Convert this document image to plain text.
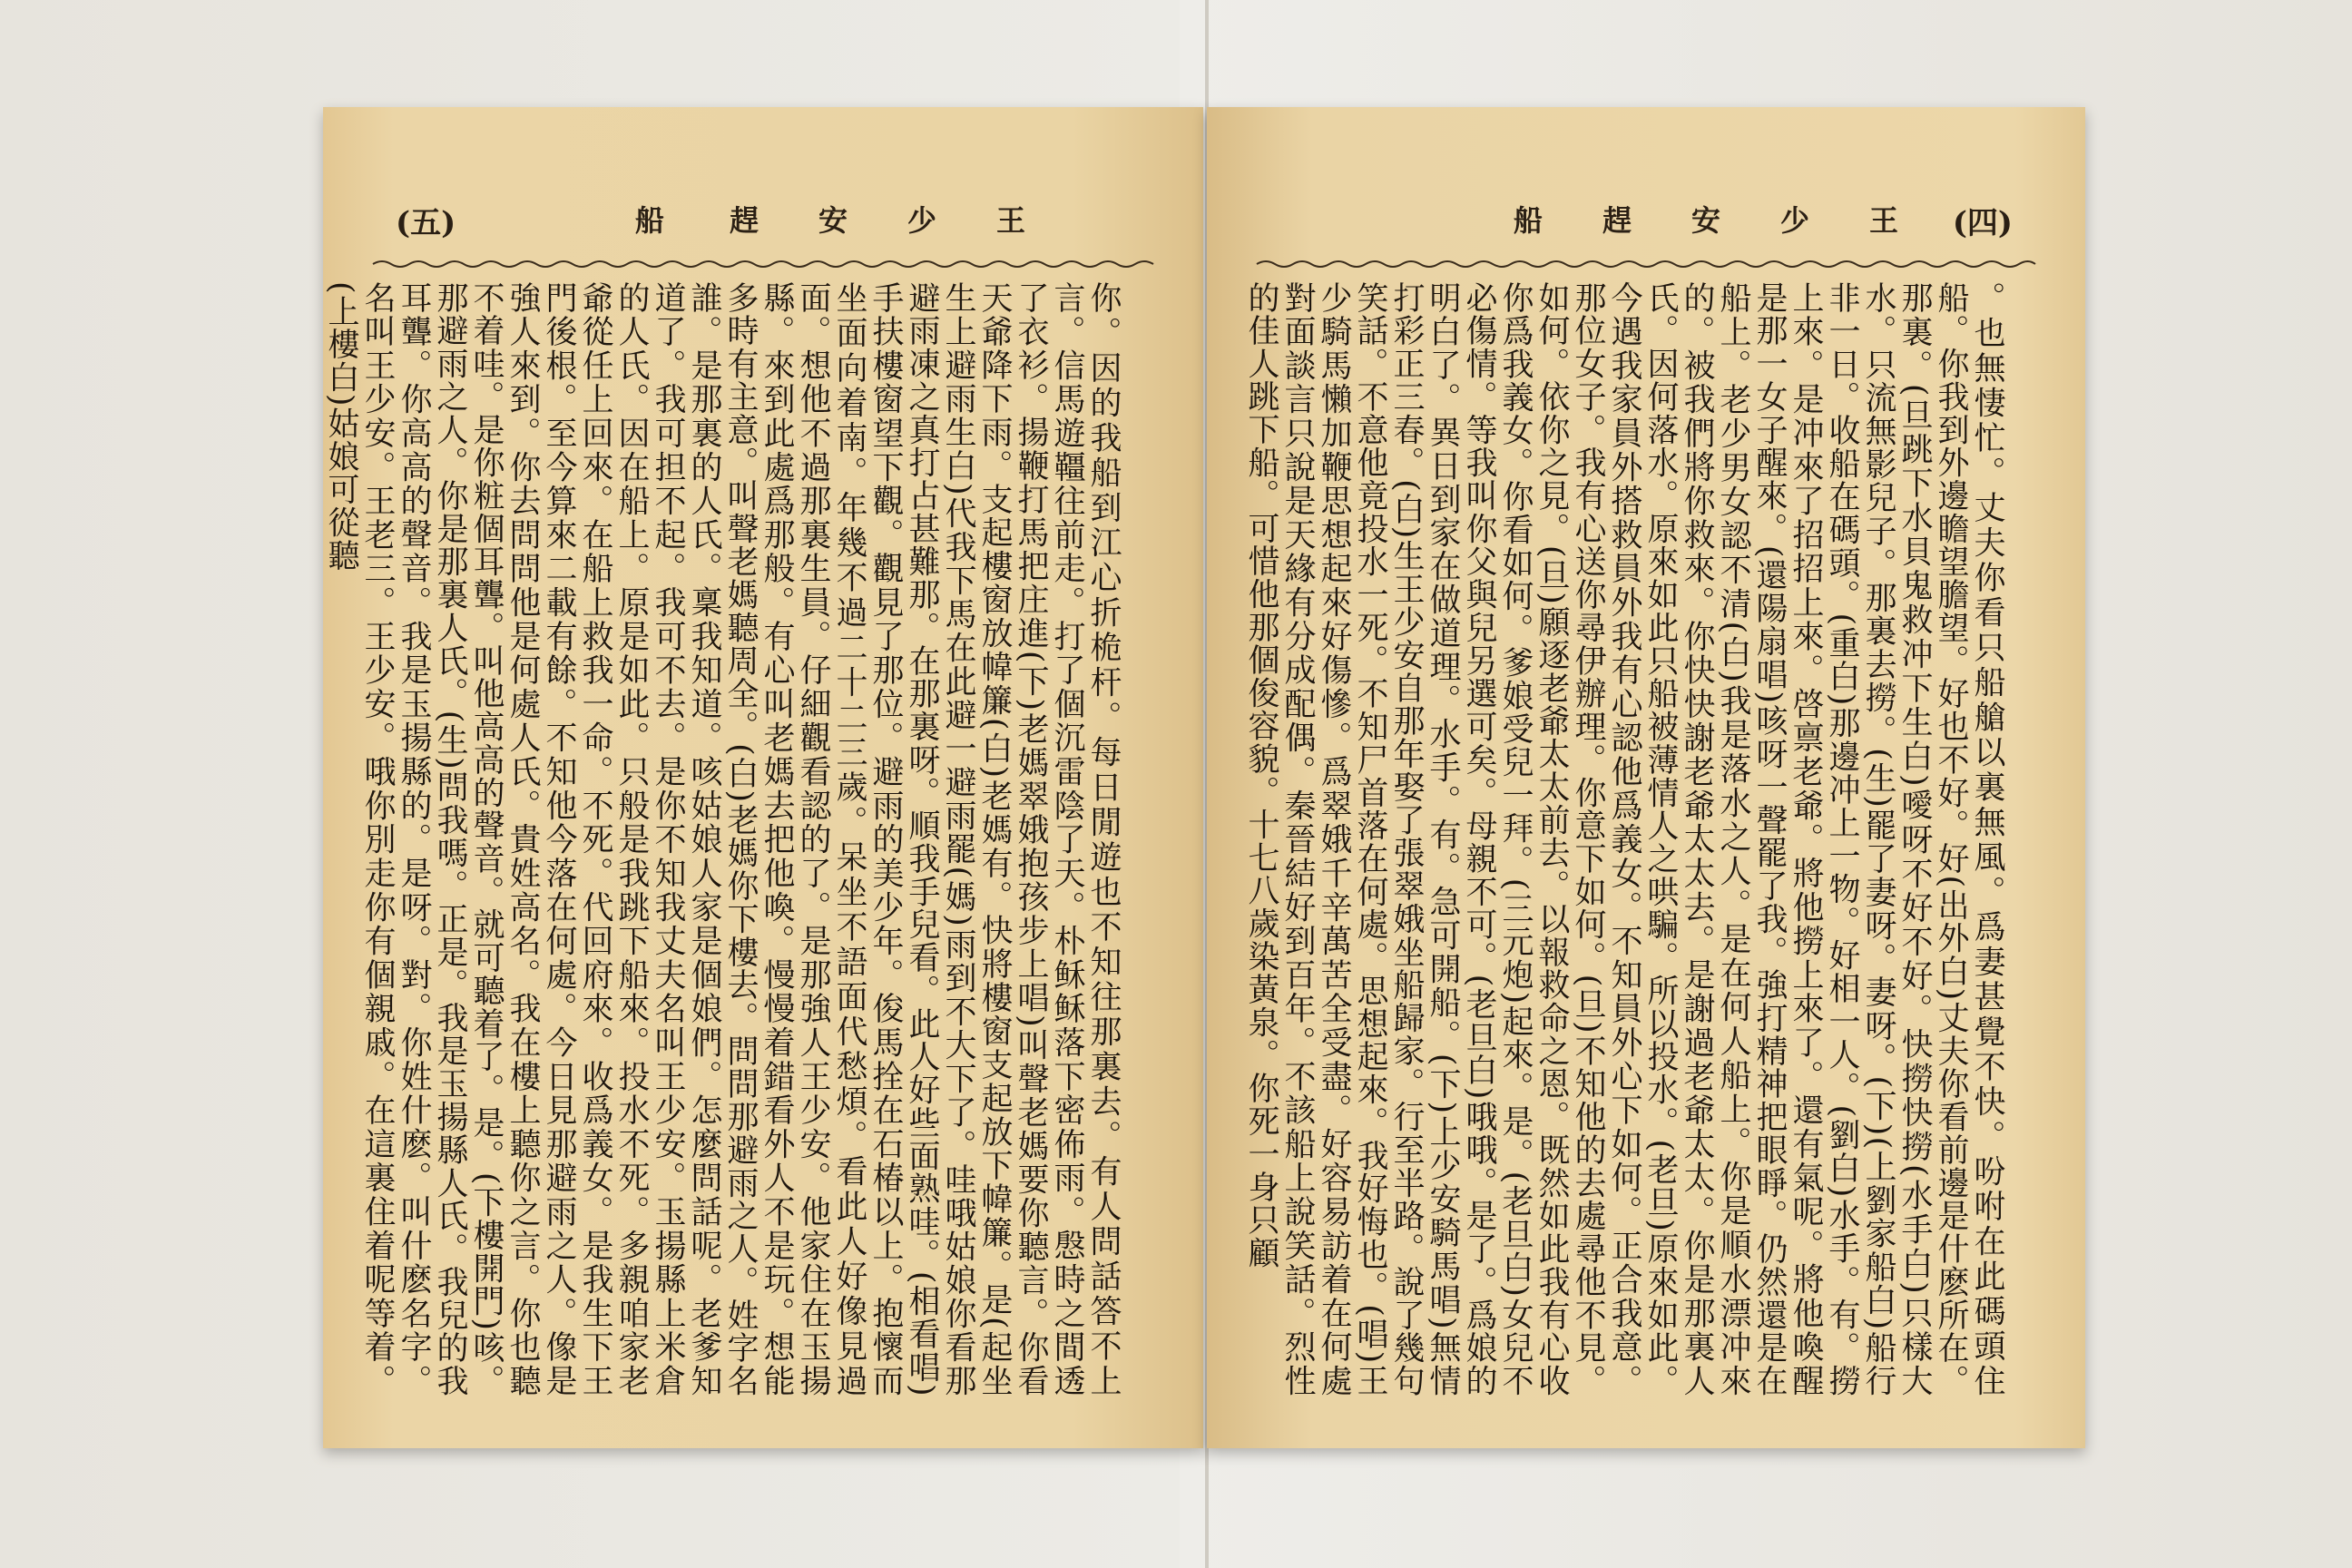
(五)	船	趕	安	少	王

你。因的我船到江心折桅杆。每日閒遊也不知往那裏去。有人問話答不上言。信馬遊韁往前走。打了個沉雷陰了天。朴稣稣落下密佈雨。慇時之間透了衣衫。揚鞭打馬把庄進(下)老媽翠娥抱孩步上唱)叫聲老媽要你聽言。你看天爺降下雨。支起樓窗放幃簾(白)老媽有。快將樓窗支起放下幃簾。是(起坐生上避雨生白)代我下馬在此避一避雨罷(媽)雨到不大下了。哇哦姑娘你看那避雨凍之真打占甚難那。在那裏呀。順我手兒看。此人好些面熟哇。(相看唱)手扶樓窗望下觀。觀見了那位。避雨的美少年。俊馬拴在石椿以上。抱懷而坐面向着南。年幾不過二十二三歲。呆坐不語面代愁煩。看此人好像見過面。想他不過那裏生員。仔細觀看認的了。是那強人王少安。他家住在玉揚縣。來到此處爲那般。有心叫老媽去把他喚。慢慢着錯看外人不是玩。想能多時有主意。叫聲老媽聽周全。(白)老媽你下樓去。問問那避雨之人。姓字名誰。是那裏的人氏。稟我知道。咳姑娘人家是個娘們。怎麼問話呢。老爹知道了。我可担不起。我可不去。是你不知我丈夫名叫王少安。玉揚縣上米倉的人氏。因在船上。原是如此。只般是我跳下船來。投水不死。多親咱家老爺從任上回來。在船上救我一命。不死。代回府來。收爲義女。是我生下王門後根。至今算來二載有餘。不知他今落在何處。今日見那避雨之人。像是強人來到。你去問問他是何處人氏。貴姓高名。我在樓上聽你之言。你也聽不着哇。是你粧個耳聾。叫他高高的聲音。就可聽着了。是。(下樓開門)咳。那避雨之人。你是那裏人氏。(生)問我嗎。正是。我是玉揚縣人氏。我兒的我耳聾。你高高的聲音。我是玉揚縣的。是呀。對。你姓什麽。叫什麽名字。名叫王少安。王老三。王少安。哦你別走你有個親戚。在這裏住着呢等着。(上樓白)姑娘可從聽

船	趕	安	少	王	(四)

。也無悽忙。丈夫你看只船艙以裏無風。爲妻甚覺不快。吩咐在此碼頭住船。你我到外邊瞻望膽望。好也不好。好(出外白)丈夫你看前邊是什麽所在。那裏。(旦跳下水貝鬼救冲下生白)噯呀不好不好。快撈快撈(水手白)只樣大水。只流無影兒子。那裏去撈。(生)罷了妻呀。妻呀。(下)(上劉家船白)船行非一日。收船在碼頭。(重白)那邊冲上一物。好相一人。(劉白)水手。有。撈上來。是冲來了招招上來。啓禀老爺。將他撈上來了。還有氣呢。將他喚醒是那一女子醒來。(還陽扇唱)咳呀一聲罷了我。強打精神把眼睜。仍然還是在船上。老少男女認不清(白)我是落水之人。是在何人船上。你是順水漂冲來的。被我們將你救來。你快快謝老爺太太去。是謝過老爺太太。你是那裏人氏。因何落水。原來如此只船被薄情人之哄騙。所以投水。(老旦)原來如此。今遇我家員外搭救員外我有心認他爲義女。不知員外心下如何。正合我意。那位女子。我有心送你尋伊辦理。你意下如何。(旦)不知他的去處尋他不見。如何。依你之見。(旦)願逐老爺太太前去。以報救命之恩。既然如此我有心收你爲我義女。你看如何。爹娘受兒一拜。(三元炮)起來。是。(老旦白)女兒不必傷情。等我叫你父與兒另選可矣。母親不可。(老旦白)哦哦。是了。爲娘的明白了。異日到家在做道理。水手。有。急可開船。(下)上少安騎馬唱)無情打彩正三春。(白)生王少安自那年娶了張翠娥坐船歸家。行至半路。說了幾句笑話。不意他竟投水一死。不知尸首落在何處。思想起來。我好悔也。(唱)王少騎馬懶加鞭思想起來好傷慘。爲翠娥千辛萬苦全受盡。好容易訪着在何處對面談言只說是天緣有分成配偶。秦晉結好到百年。不該船上說笑話。烈性的佳人跳下船。可惜他那個俊容貌。十七八歲染黃泉。你死一身只顧
